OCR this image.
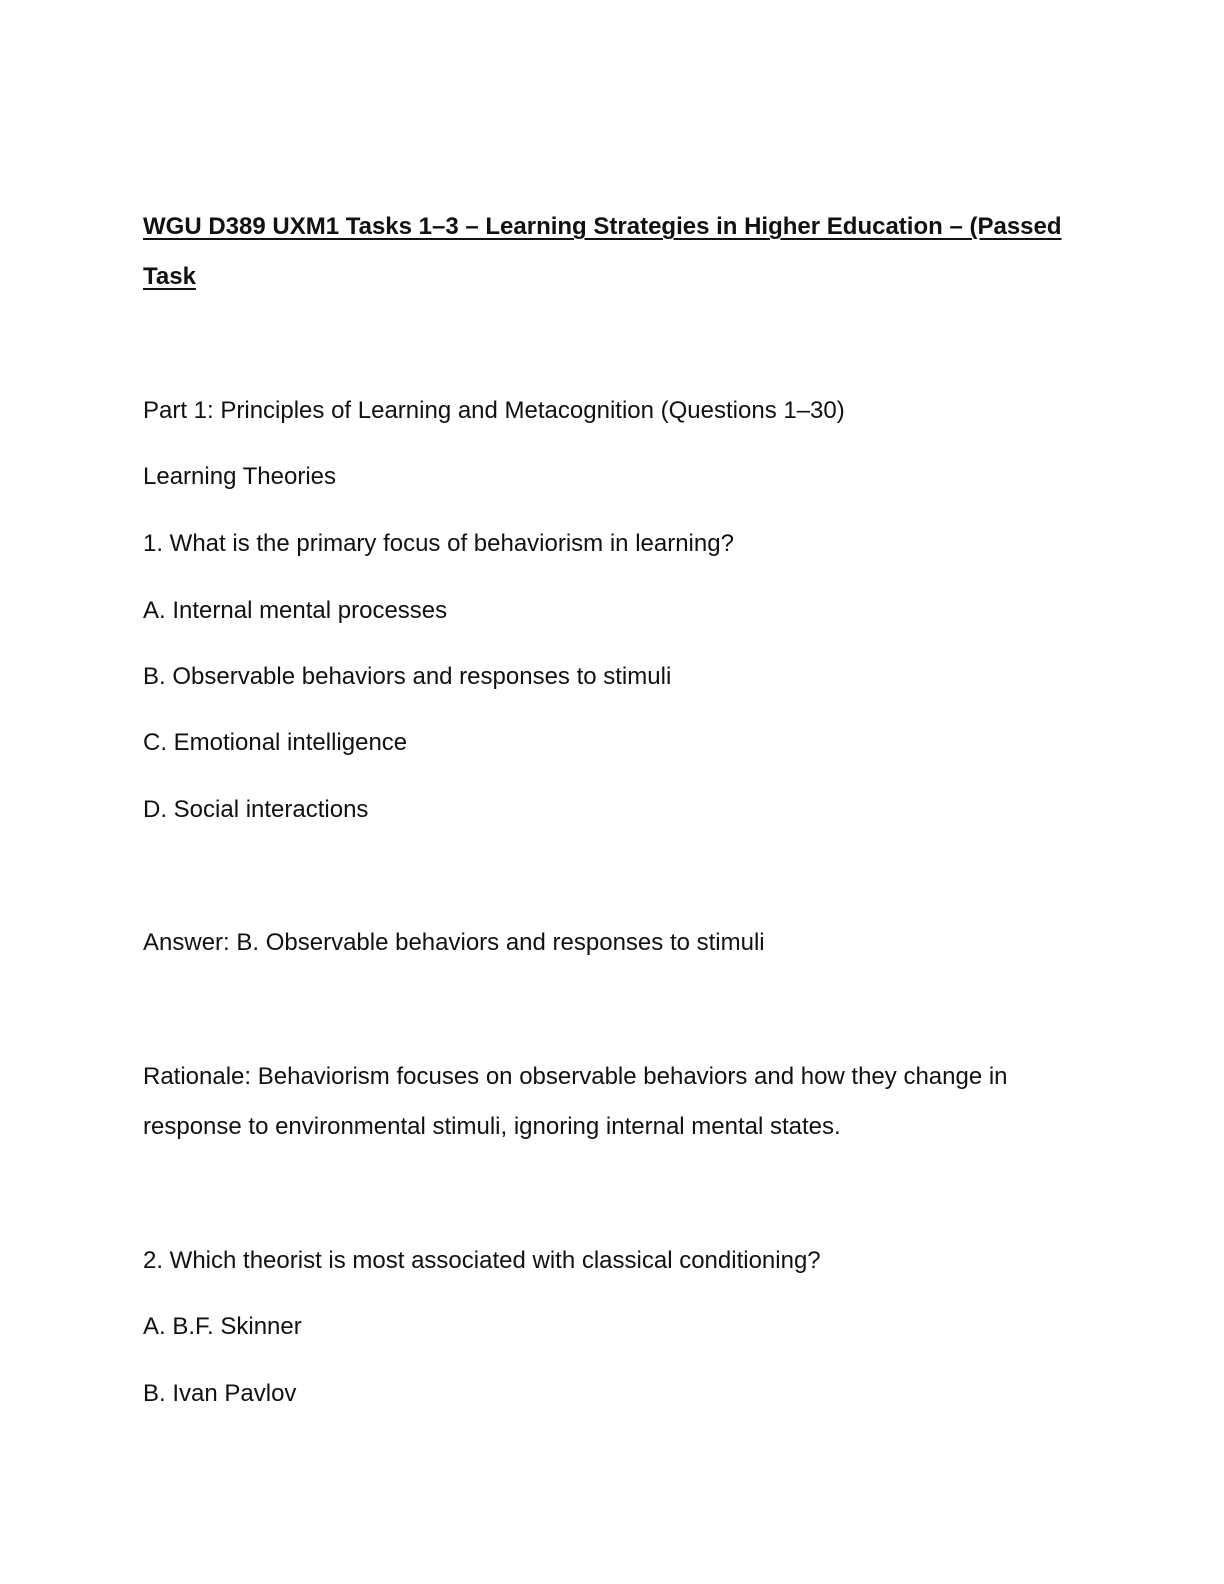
WGU D389 UXM1 Tasks 1–3 – Learning Strategies in Higher Education – (Passed
Task
Part 1: Principles of Learning and Metacognition (Questions 1–30)
Learning Theories
1. What is the primary focus of behaviorism in learning?
A. Internal mental processes
B. Observable behaviors and responses to stimuli
C. Emotional intelligence
D. Social interactions
Answer: B. Observable behaviors and responses to stimuli
Rationale: Behaviorism focuses on observable behaviors and how they change in
response to environmental stimuli, ignoring internal mental states.
2. Which theorist is most associated with classical conditioning?
A. B.F. Skinner
B. Ivan Pavlov
